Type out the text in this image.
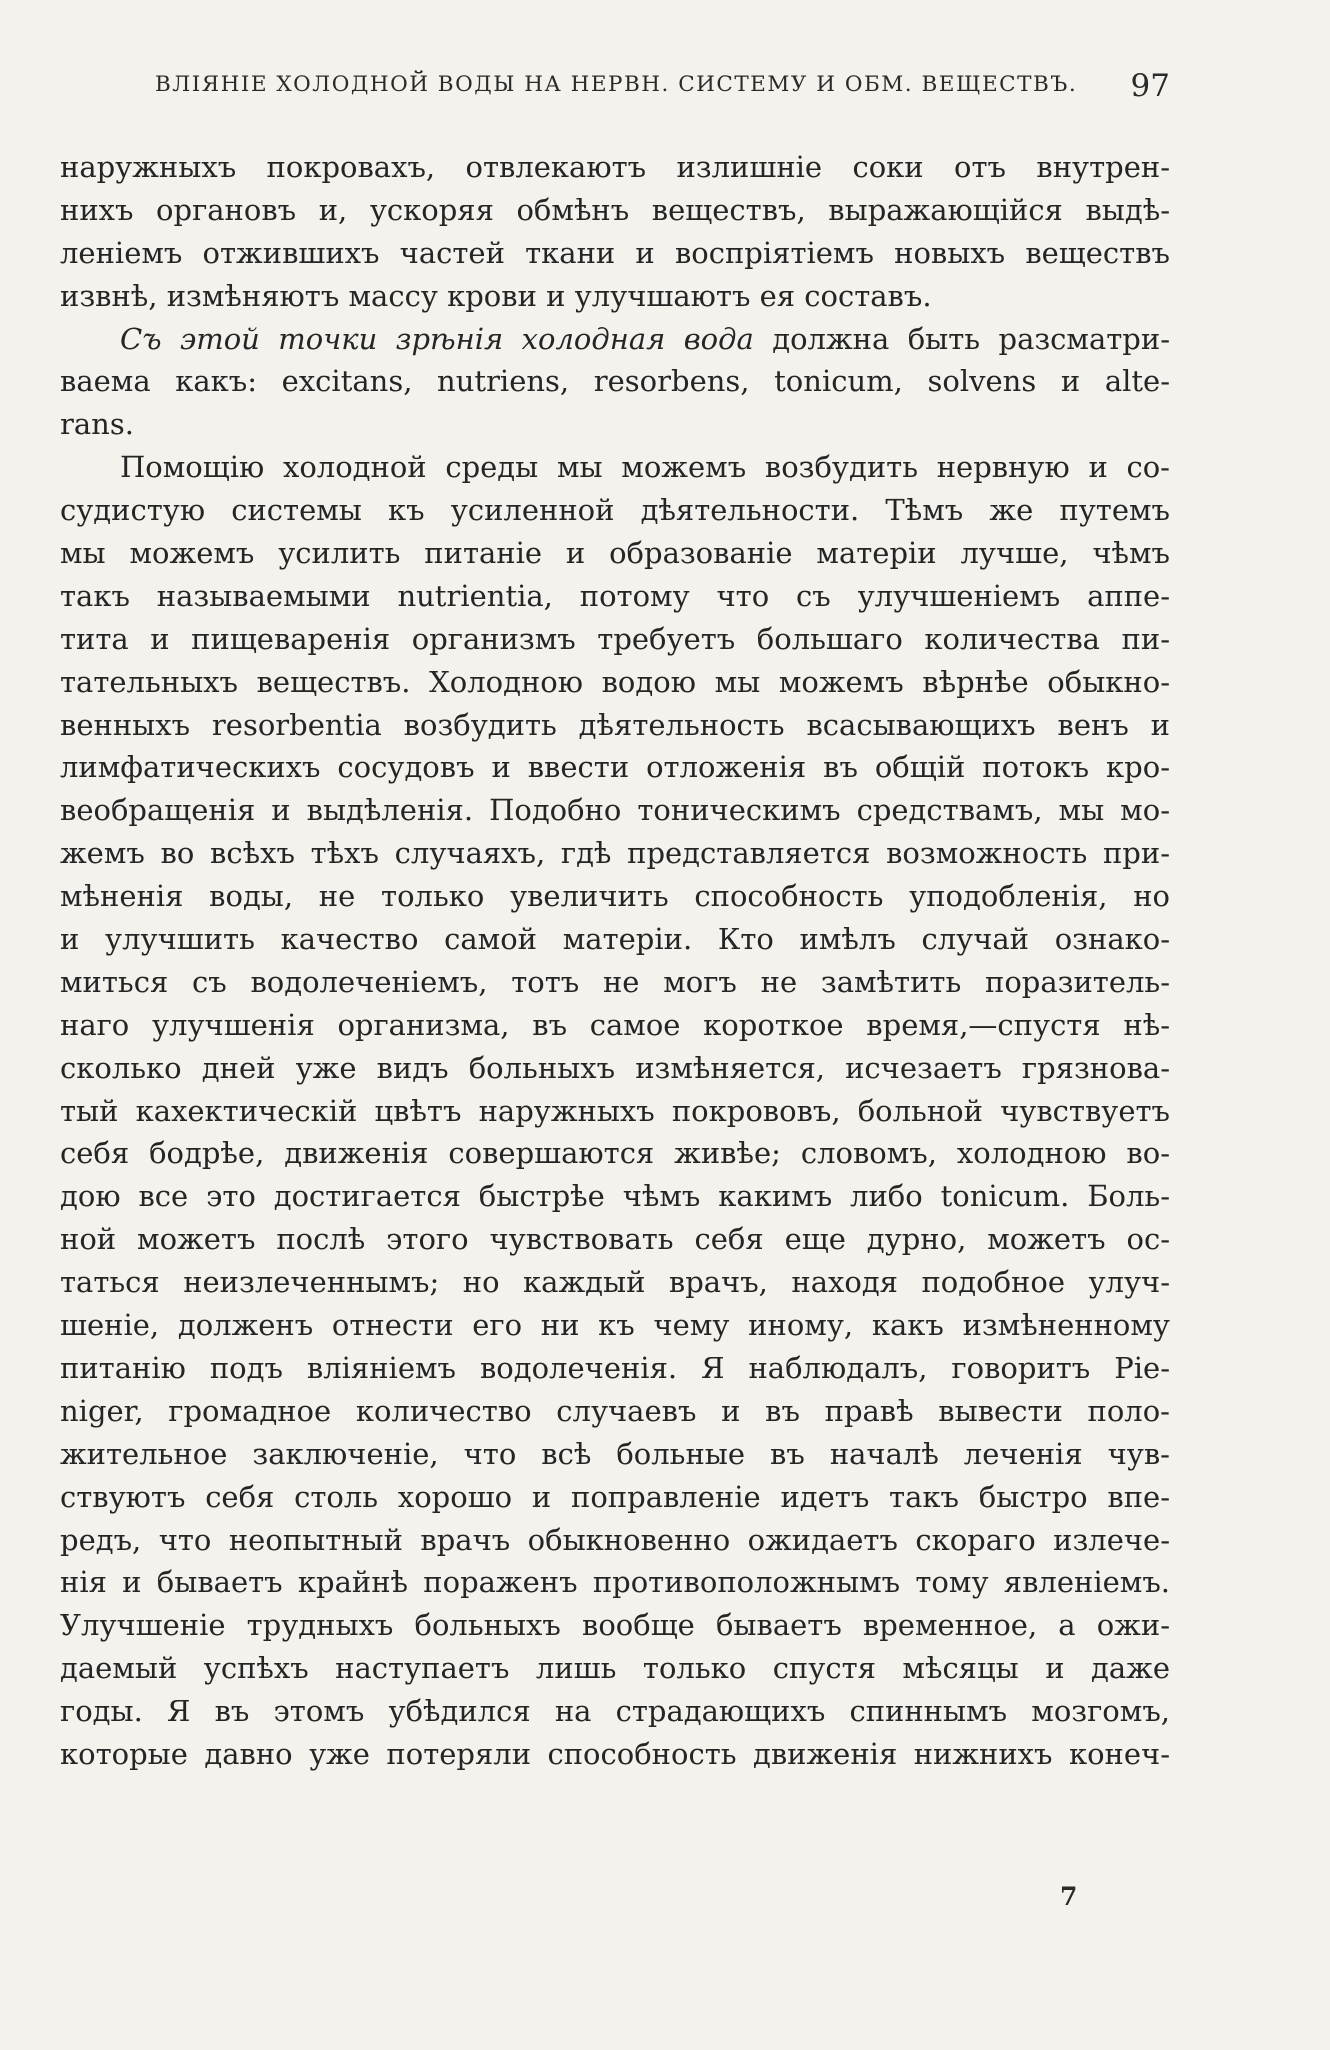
ВЛІЯНІЕ ХОЛОДНОЙ ВОДЫ НА НЕРВН. СИСТЕМУ И ОБМ. ВЕЩЕСТВЪ. 97
наружныхъ покровахъ, отвлекаютъ излишніе соки отъ внутрен-
нихъ органовъ и, ускоряя обмѣнъ веществъ, выражающійся выдѣ-
леніемъ отжившихъ частей ткани и воспріятіемъ новыхъ веществъ
извнѣ, измѣняютъ массу крови и улучшаютъ ея составъ.
Съ этой точки зрѣнія холодная вода должна быть разсматри-
ваема какъ: excitans, nutriens, resorbens, tonicum, solvens и alte-
rans.
Помощію холодной среды мы можемъ возбудить нервную и со-
судистую системы къ усиленной дѣятельности. Тѣмъ же путемъ
мы можемъ усилить питаніе и образованіе матеріи лучше, чѣмъ
такъ называемыми nutrientia, потому что съ улучшеніемъ аппе-
тита и пищеваренія организмъ требуетъ большаго количества пи-
тательныхъ веществъ. Холодною водою мы можемъ вѣрнѣе обыкно-
венныхъ resorbentia возбудить дѣятельность всасывающихъ венъ и
лимфатическихъ сосудовъ и ввести отложенія въ общій потокъ кро-
веобращенія и выдѣленія. Подобно тоническимъ средствамъ, мы мо-
жемъ во всѣхъ тѣхъ случаяхъ, гдѣ представляется возможность при-
мѣненія воды, не только увеличить способность уподобленія, но
и улучшить качество самой матеріи. Кто имѣлъ случай ознако-
миться съ водолеченіемъ, тотъ не могъ не замѣтить поразитель-
наго улучшенія организма, въ самое короткое время,—спустя нѣ-
сколько дней уже видъ больныхъ измѣняется, исчезаетъ грязнова-
тый кахектическій цвѣтъ наружныхъ покрововъ, больной чувствуетъ
себя бодрѣе, движенія совершаются живѣе; словомъ, холодною во-
дою все это достигается быстрѣе чѣмъ какимъ либо tonicum. Боль-
ной можетъ послѣ этого чувствовать себя еще дурно, можетъ ос-
таться неизлеченнымъ; но каждый врачъ, находя подобное улуч-
шеніе, долженъ отнести его ни къ чему иному, какъ измѣненному
питанію подъ вліяніемъ водолеченія. Я наблюдалъ, говоритъ Pie-
niger, громадное количество случаевъ и въ правѣ вывести поло-
жительное заключеніе, что всѣ больные въ началѣ леченія чув-
ствуютъ себя столь хорошо и поправленіе идетъ такъ быстро впе-
редъ, что неопытный врачъ обыкновенно ожидаетъ скораго излече-
нія и бываетъ крайнѣ пораженъ противоположнымъ тому явленіемъ.
Улучшеніе трудныхъ больныхъ вообще бываетъ временное, а ожи-
даемый успѣхъ наступаетъ лишь только спустя мѣсяцы и даже
годы. Я въ этомъ убѣдился на страдающихъ спиннымъ мозгомъ,
которые давно уже потеряли способность движенія нижнихъ конеч-
7
